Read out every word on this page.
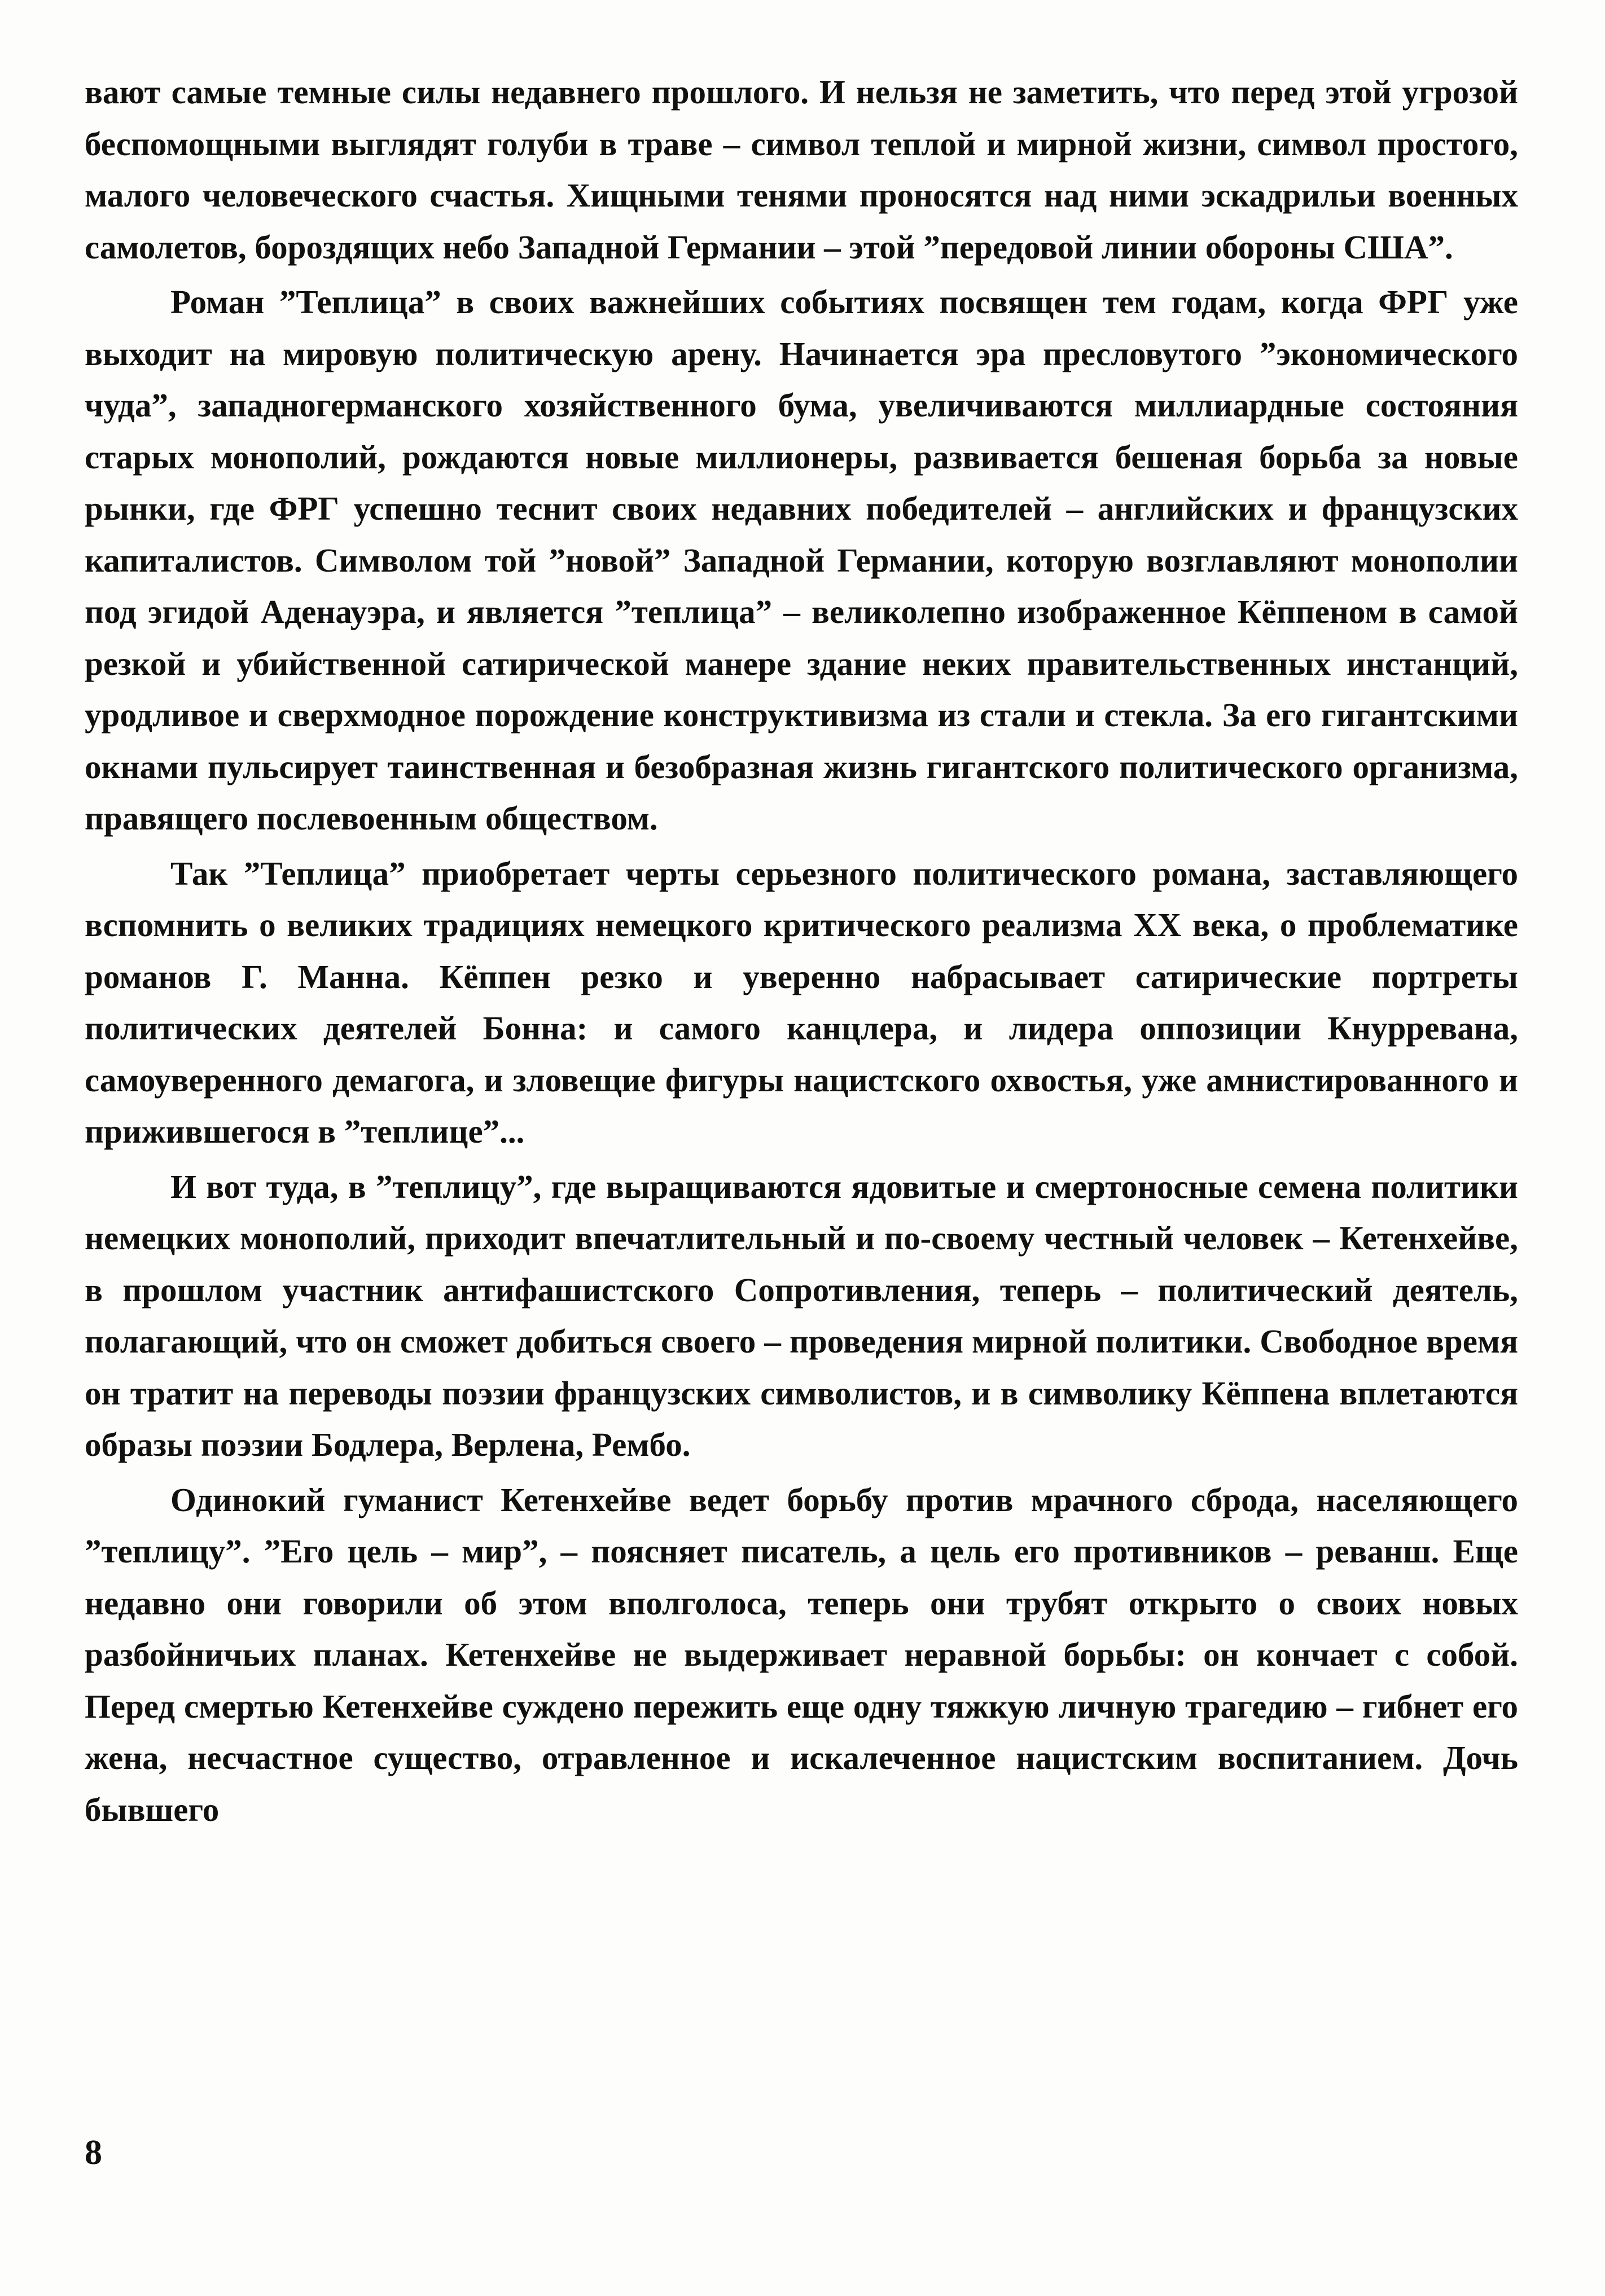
вают самые темные силы недавнего прошлого. И нельзя не заметить, что перед этой угрозой беспомощными выглядят голуби в траве – символ теплой и мирной жизни, символ простого, малого человеческого счастья. Хищными тенями проносятся над ними эскадрильи военных самолетов, бороздящих небо Западной Германии – этой ”передовой линии обороны США”.

Роман ”Теплица” в своих важнейших событиях посвящен тем годам, когда ФРГ уже выходит на мировую политическую арену. Начинается эра пресловутого ”экономического чуда”, западногерманского хозяйственного бума, увеличиваются миллиардные состояния старых монополий, рождаются новые миллионеры, развивается бешеная борьба за новые рынки, где ФРГ успешно теснит своих недавних победителей – английских и французских капиталистов. Символом той ”новой” Западной Германии, которую возглавляют монополии под эгидой Аденауэра, и является ”теплица” – великолепно изображенное Кёппеном в самой резкой и убийственной сатирической манере здание неких правительственных инстанций, уродливое и сверхмодное порождение конструктивизма из стали и стекла. За его гигантскими окнами пульсирует таинственная и безобразная жизнь гигантского политического организма, правящего послевоенным обществом.

Так ”Теплица” приобретает черты серьезного политического романа, заставляющего вспомнить о великих традициях немецкого критического реализма XX века, о проблематике романов Г. Манна. Кёппен резко и уверенно набрасывает сатирические портреты политических деятелей Бонна: и самого канцлера, и лидера оппозиции Кнурревана, самоуверенного демагога, и зловещие фигуры нацистского охвостья, уже амнистированного и прижившегося в ”теплице”...

И вот туда, в ”теплицу”, где выращиваются ядовитые и смертоносные семена политики немецких монополий, приходит впечатлительный и по-своему честный человек – Кетенхейве, в прошлом участник антифашистского Сопротивления, теперь – политический деятель, полагающий, что он сможет добиться своего – проведения мирной политики. Свободное время он тратит на переводы поэзии французских символистов, и в символику Кёппена вплетаются образы поэзии Бодлера, Верлена, Рембо.

Одинокий гуманист Кетенхейве ведет борьбу против мрачного сброда, населяющего ”теплицу”. ”Его цель – мир”, – поясняет писатель, а цель его противников – реванш. Еще недавно они говорили об этом вполголоса, теперь они трубят открыто о своих новых разбойничьих планах. Кетенхейве не выдерживает неравной борьбы: он кончает с собой. Перед смертью Кетенхейве суждено пережить еще одну тяжкую личную трагедию – гибнет его жена, несчастное существо, отравленное и искалеченное нацистским воспитанием. Дочь бывшего

8
